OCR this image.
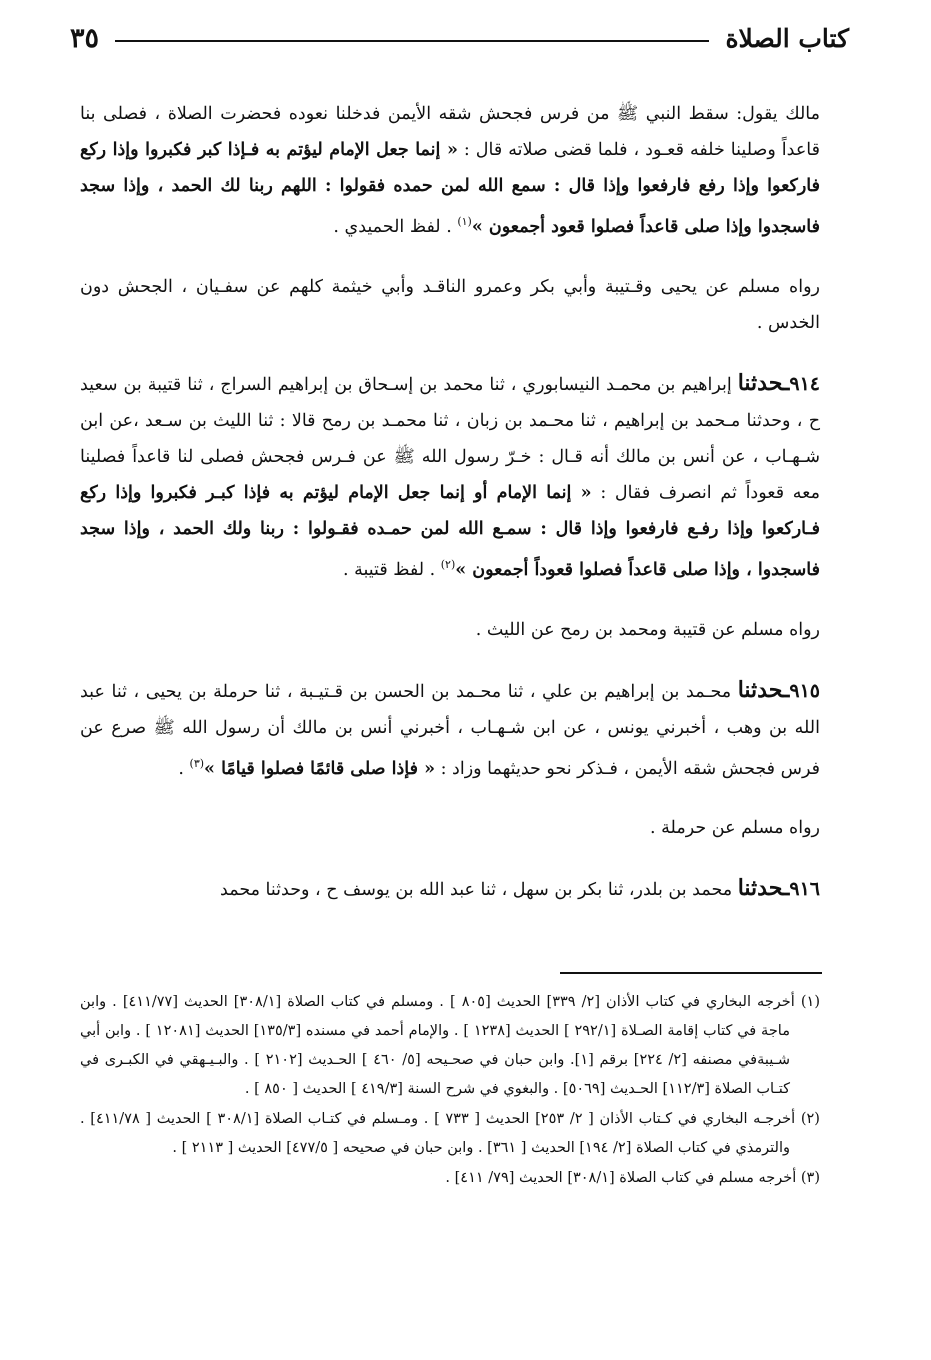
كتاب الصلاة
٣٥

مالك يقول: سقط النبي ﷺ من فرس فجحش شقه الأيمن فدخلنا نعوده فحضرت الصلاة ، فصلى بنا قاعداً وصلينا خلفه قعـود ، فلما قضى صلاته قال : « إنما جعل الإمام ليؤتم به فـإذا كبر فكبروا وإذا ركع فاركعوا وإذا رفع فارفعوا وإذا قال : سمع الله لمن حمده فقولوا : اللهم ربنا لك الحمد ، وإذا سجد فاسجدوا وإذا صلى قاعداً فصلوا قعود أجمعون »$^{(١)}$ . لفظ الحميدي .

رواه مسلم عن يحيى وقـتيبة وأبي بكر وعمرو الناقـد وأبي خيثمة كلهم عن سفـيان ، الجحش دون الخدس .

٩١٤ـحدثنا إبراهيم بن محمـد النيسابوري ، ثنا محمد بن إسـحاق بن إبراهيم السراج ، ثنا قتيبة بن سعيد ح ، وحدثنا مـحمد بن إبراهيم ، ثنا محـمد بن زبان ، ثنا محمـد بن رمح قالا : ثنا الليث بن سـعد ،عن ابن شـهـاب ، عن أنس بن مالك أنه قـال : خـرّ رسول الله ﷺ عن فـرس فجحش فصلى لنا قاعداً فصلينا معه قعوداً ثم انصرف فقال : « إنما الإمام أو إنما جعل الإمام ليؤتم به فإذا كبـر فكبروا وإذا ركع فـاركعوا وإذا رفـع فارفعوا وإذا قال : سمـع الله لمن حمـده فقـولوا : ربنا ولك الحمد ، وإذا سجد فاسجدوا ، وإذا صلى قاعداً فصلوا قعوداً أجمعون »$^{(٢)}$ . لفظ قتيبة .

رواه مسلم عن قتيبة ومحمد بن رمح عن الليث .

٩١٥ـحدثنا محـمد بن إبراهيم بن علي ، ثنا محـمد بن الحسن بن قـتيـبة ، ثنا حرملة بن يحيى ، ثنا عبد الله بن وهب ، أخبرني يونس ، عن ابن شـهـاب ، أخبرني أنس بن مالك أن رسول الله ﷺ صرع عن فرس فجحش شقه الأيمن ، فـذكر نحو حديثهما وزاد : « فإذا صلى قائمًا فصلوا قيامًا »$^{(٣)}$ .

رواه مسلم عن حرملة .

٩١٦ـحدثنا محمد بن بلدر، ثنا بكر بن سهل ، ثنا عبد الله بن يوسف ح ، وحدثنا محمد

(١) أخرجه البخاري في كتاب الأذان [٢/ ٣٣٩] الحديث [٨٠٥ ] . ومسلم في كتاب الصلاة [٣٠٨/١] الحديث [٤١١/٧٧] . وابن ماجة في كتاب إقامة الصـلاة [٢٩٢/١ ] الحديث [١٢٣٨ ] . والإمام أحمد في مسنده [١٣٥/٣] الحديث [١٢٠٨١ ] . وابن أبي شـيبةفي مصنفه [٢/ ٢٢٤] برقم [١]. وابن حبان في صحـيحه [٥/ ٤٦٠ ] الحـديث [٢١٠٢ ] . والبـيـهقي في الكبـرى في كتـاب الصلاة [١١٢/٣] الحـديث [٥٠٦٩] . والبغوي في شرح السنة [٤١٩/٣ ] الحديث [ ٨٥٠ ] .

(٢) أخرجـه البخاري في كـتاب الأذان [ ٢/ ٢٥٣] الحديث [ ٧٣٣ ] . ومـسلم في كتـاب الصلاة [٣٠٨/١ ] الحديث [ ٤١١/٧٨] . والترمذي في كتاب الصلاة [٢/ ١٩٤] الحديث [ ٣٦١] . وابن حبان في صحيحه [ ٤٧٧/٥] الحديث [ ٢١١٣ ] .

(٣) أخرجه مسلم في كتاب الصلاة [٣٠٨/١] الحديث [٧٩/ ٤١١] .
